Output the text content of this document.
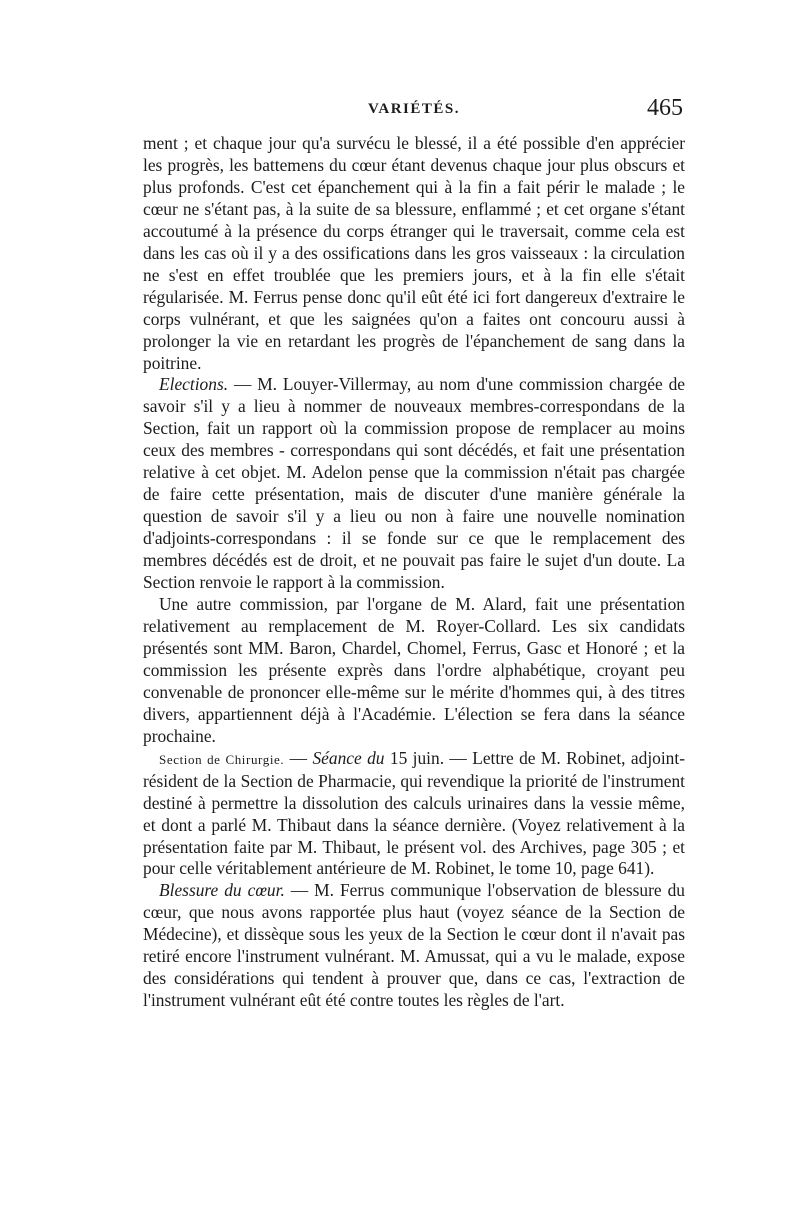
VARIÉTÉS.	465

ment ; et chaque jour qu'a survécu le blessé, il a été possible d'en apprécier les progrès, les battemens du cœur étant devenus chaque jour plus obscurs et plus profonds. C'est cet épanchement qui à la fin a fait périr le malade ; le cœur ne s'étant pas, à la suite de sa blessure, enflammé ; et cet organe s'étant accoutumé à la présence du corps étranger qui le traversait, comme cela est dans les cas où il y a des ossifications dans les gros vaisseaux : la circulation ne s'est en effet troublée que les premiers jours, et à la fin elle s'était régularisée. M. Ferrus pense donc qu'il eût été ici fort dangereux d'extraire le corps vulnérant, et que les saignées qu'on a faites ont concouru aussi à prolonger la vie en retardant les progrès de l'épanchement de sang dans la poitrine.

Elections. — M. Louyer-Villermay, au nom d'une commission chargée de savoir s'il y a lieu à nommer de nouveaux membres-correspondans de la Section, fait un rapport où la commission propose de remplacer au moins ceux des membres - correspondans qui sont décédés, et fait une présentation relative à cet objet. M. Adelon pense que la commission n'était pas chargée de faire cette présentation, mais de discuter d'une manière générale la question de savoir s'il y a lieu ou non à faire une nouvelle nomination d'adjoints-correspondans : il se fonde sur ce que le remplacement des membres décédés est de droit, et ne pouvait pas faire le sujet d'un doute. La Section renvoie le rapport à la commission.

Une autre commission, par l'organe de M. Alard, fait une présentation relativement au remplacement de M. Royer-Collard. Les six candidats présentés sont MM. Baron, Chardel, Chomel, Ferrus, Gasc et Honoré ; et la commission les présente exprès dans l'ordre alphabétique, croyant peu convenable de prononcer elle-même sur le mérite d'hommes qui, à des titres divers, appartiennent déjà à l'Académie. L'élection se fera dans la séance prochaine.

Section de Chirurgie. — Séance du 15 juin. — Lettre de M. Robinet, adjoint-résident de la Section de Pharmacie, qui revendique la priorité de l'instrument destiné à permettre la dissolution des calculs urinaires dans la vessie même, et dont a parlé M. Thibaut dans la séance dernière. (Voyez relativement à la présentation faite par M. Thibaut, le présent vol. des Archives, page 305 ; et pour celle véritablement antérieure de M. Robinet, le tome 10, page 641).

Blessure du cœur. — M. Ferrus communique l'observation de blessure du cœur, que nous avons rapportée plus haut (voyez séance de la Section de Médecine), et dissèque sous les yeux de la Section le cœur dont il n'avait pas retiré encore l'instrument vulnérant. M. Amussat, qui a vu le malade, expose des considérations qui tendent à prouver que, dans ce cas, l'extraction de l'instrument vulnérant eût été contre toutes les règles de l'art.
